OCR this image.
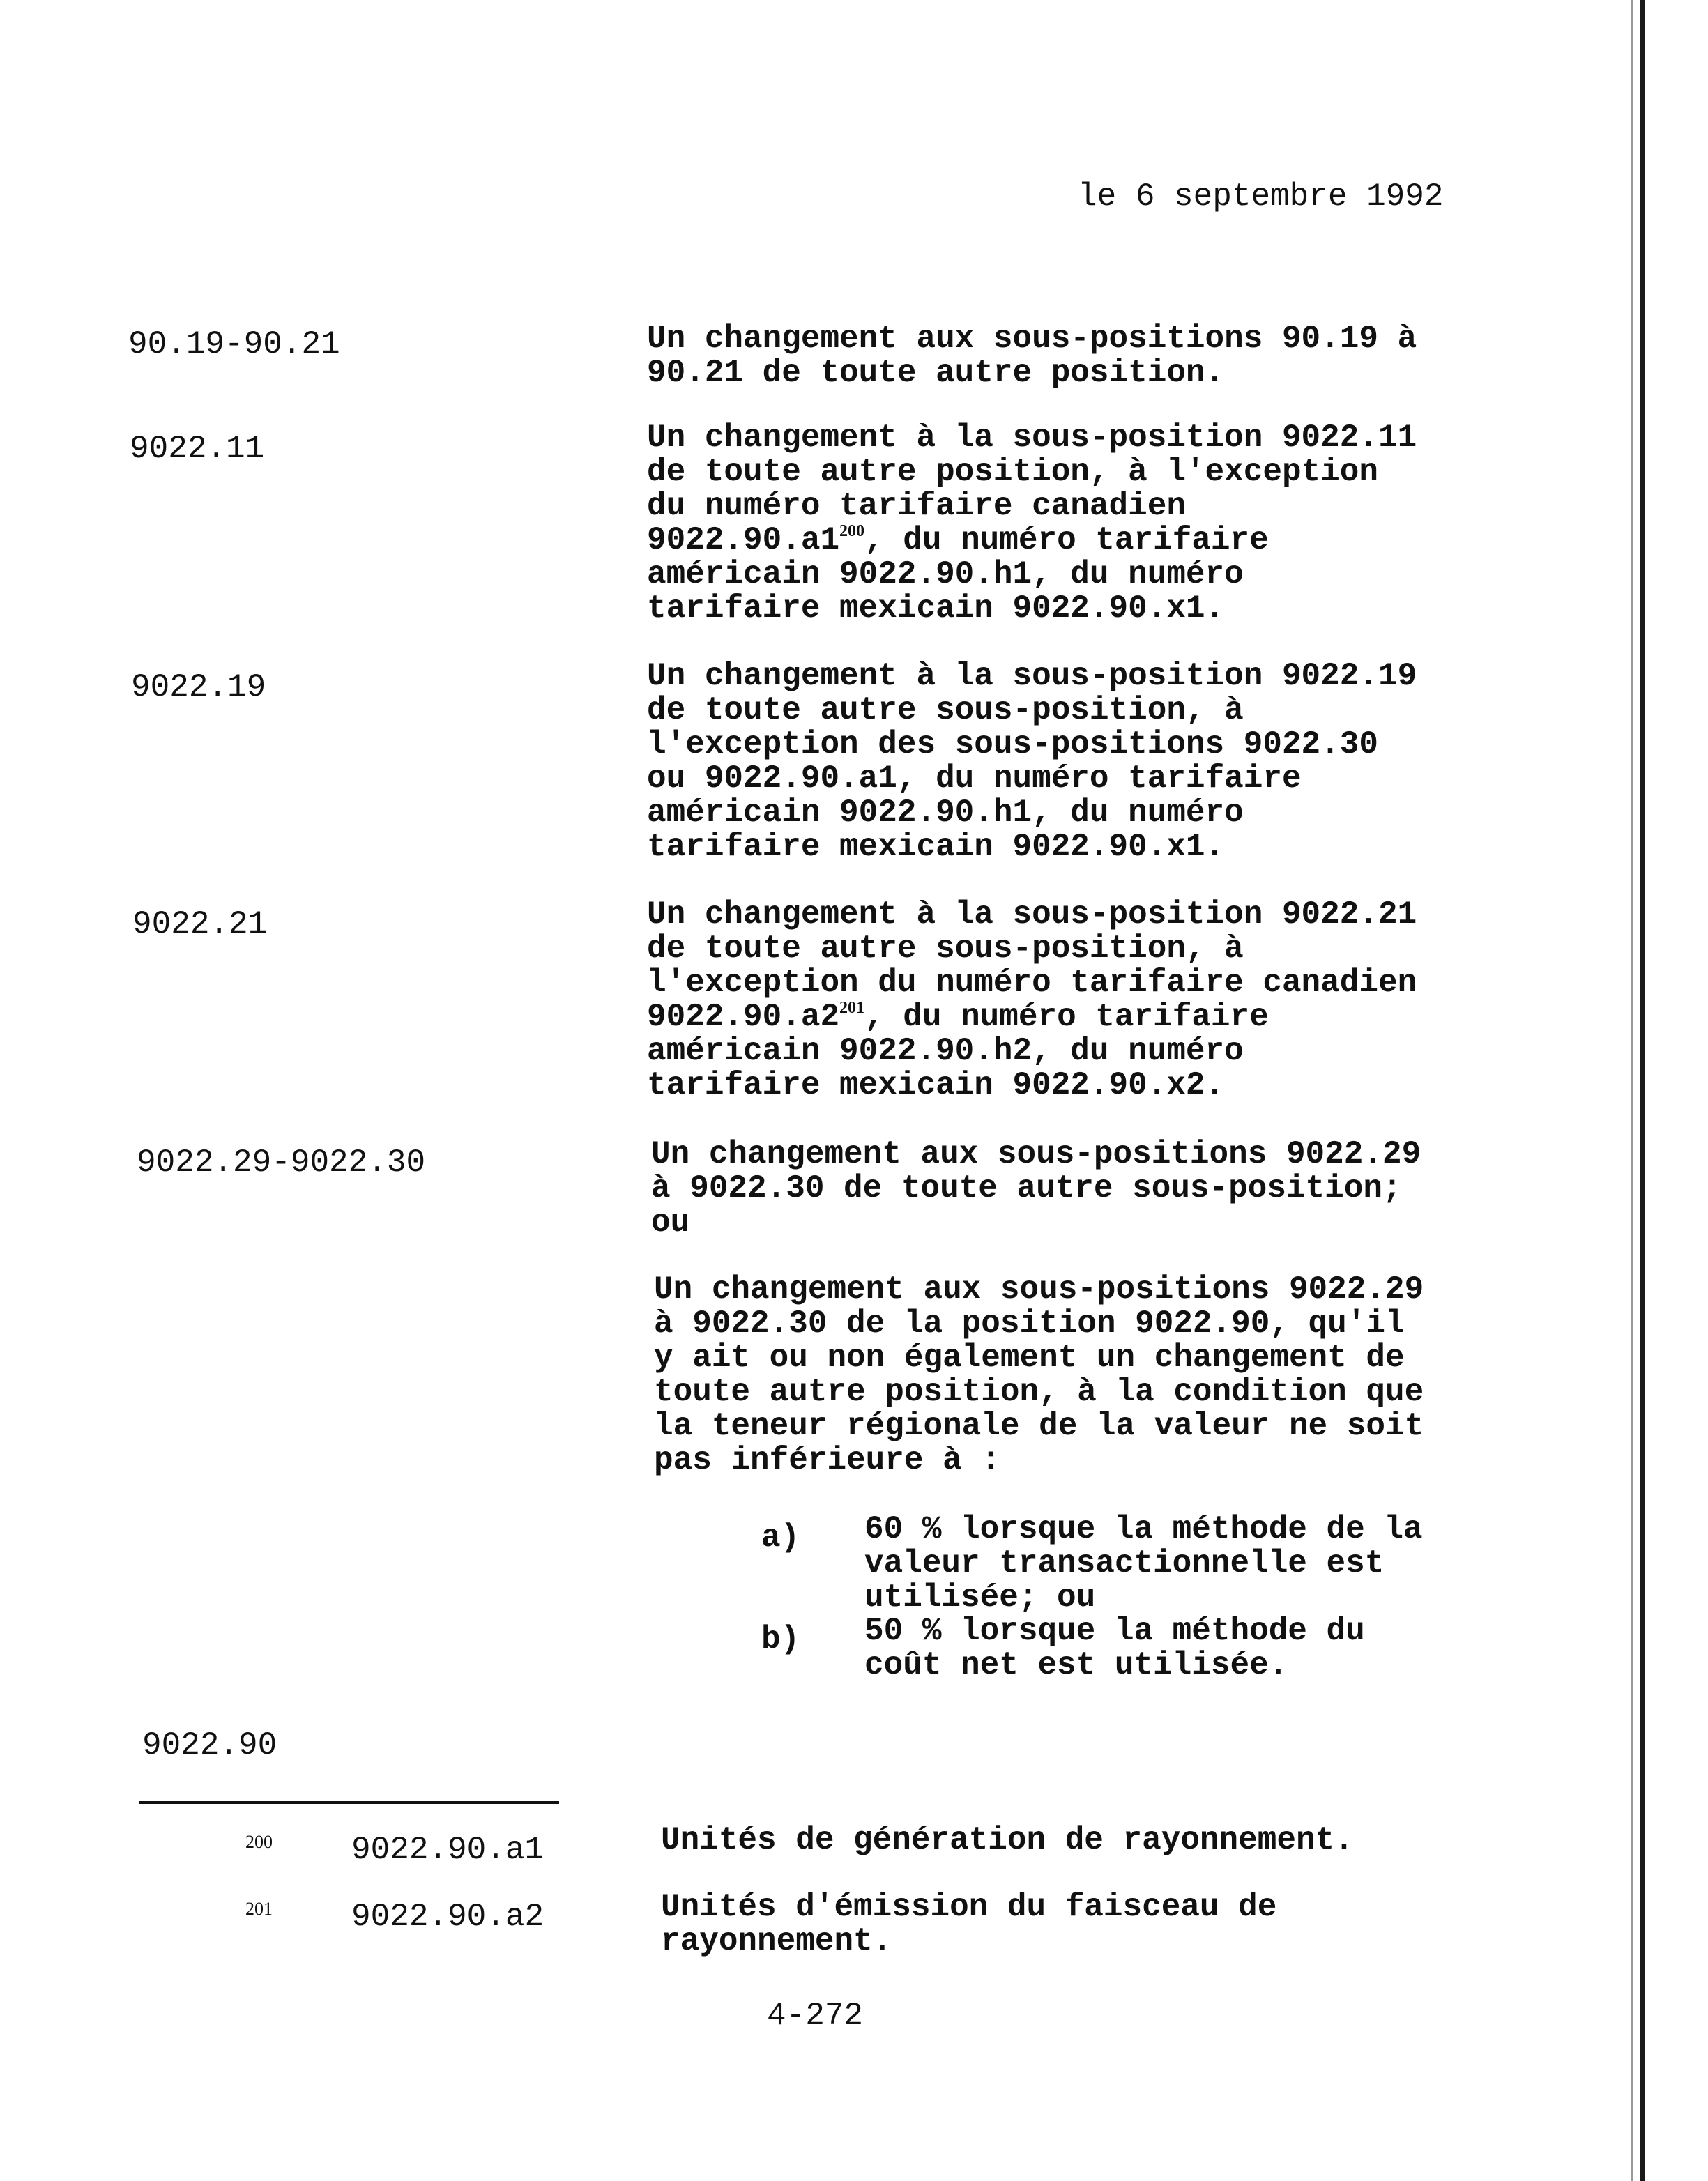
le 6 septembre 1992
90.19-90.21	Un changement aux sous-positions 90.19 à
90.21 de toute autre position.
9022.11	Un changement à la sous-position 9022.11
de toute autre position, à l'exception
du numéro tarifaire canadien
$9022.90.a1^{200}$, du numéro tarifaire
américain 9022.90.h1, du numéro
tarifaire mexicain 9022.90.x1.
9022.19	Un changement à la sous-position 9022.19
de toute autre sous-position, à
l'exception des sous-positions 9022.30
ou 9022.90.a1, du numéro tarifaire
américain 9022.90.h1, du numéro
tarifaire mexicain 9022.90.x1.
9022.21	Un changement à la sous-position 9022.21
de toute autre sous-position, à
l'exception du numéro tarifaire canadien
$9022.90.a2^{201}$, du numéro tarifaire
américain 9022.90.h2, du numéro
tarifaire mexicain 9022.90.x2.
9022.29-9022.30	Un changement aux sous-positions 9022.29
à 9022.30 de toute autre sous-position;
ou
Un changement aux sous-positions 9022.29
à 9022.30 de la position 9022.90, qu'il
y ait ou non également un changement de
toute autre position, à la condition que
la teneur régionale de la valeur ne soit
pas inférieure à :
a) 60 % lorsque la méthode de la
valeur transactionnelle est
utilisée; ou
b) 50 % lorsque la méthode du
coût net est utilisée.
9022.90
200 9022.90.a1	Unités de génération de rayonnement.
201 9022.90.a2	Unités d'émission du faisceau de
rayonnement.
4-272
